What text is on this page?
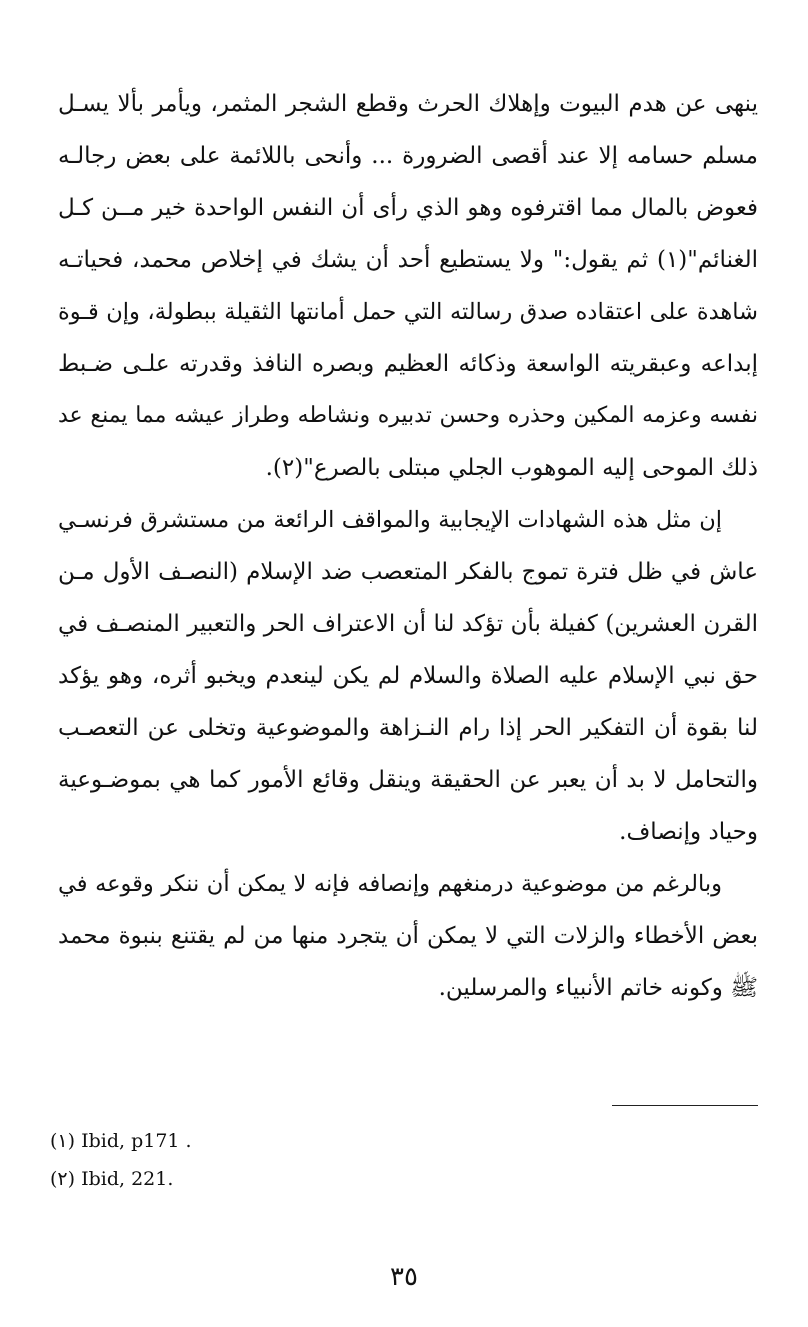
ينهى عن هدم البيوت وإهلاك الحرث وقطع الشجر المثمر، ويأمر بألا يسـل
مسلم حسامه إلا عند أقصى الضرورة ... وأنحى باللائمة على بعض رجالـه
فعوض بالمال مما اقترفوه وهو الذي رأى أن النفس الواحدة خير مــن كـل
الغنائم"(١) ثم يقول:" ولا يستطيع أحد أن يشك في إخلاص محمد، فحياتـه
شاهدة على اعتقاده صدق رسالته التي حمل أمانتها الثقيلة ببطولة، وإن قـوة
إبداعه وعبقريته الواسعة وذكائه العظيم وبصره النافذ وقدرته علـى ضـبط
نفسه وعزمه المكين وحذره وحسن تدبيره ونشاطه وطراز عيشه مما يمنع عد
ذلك الموحى إليه الموهوب الجلي مبتلى بالصرع"(٢).
إن مثل هذه الشهادات الإيجابية والمواقف الرائعة من مستشرق فرنسـي
عاش في ظل فترة تموج بالفكر المتعصب ضد الإسلام (النصـف الأول مـن
القرن العشرين) كفيلة بأن تؤكد لنا أن الاعتراف الحر والتعبير المنصـف في
حق نبي الإسلام عليه الصلاة والسلام لم يكن لينعدم ويخبو أثره، وهو يؤكد
لنا بقوة أن التفكير الحر إذا رام النـزاهة والموضوعية وتخلى عن التعصـب
والتحامل لا بد أن يعبر عن الحقيقة وينقل وقائع الأمور كما هي بموضـوعية
وحياد وإنصاف.
وبالرغم من موضوعية درمنغهم وإنصافه فإنه لا يمكن أن ننكر وقوعه في
بعض الأخطاء والزلات التي لا يمكن أن يتجرد منها من لم يقتنع بنبوة محمد
ﷺ وكونه خاتم الأنبياء والمرسلين.
(١) Ibid, p171 .
(٢) Ibid, 221.
٣٥
